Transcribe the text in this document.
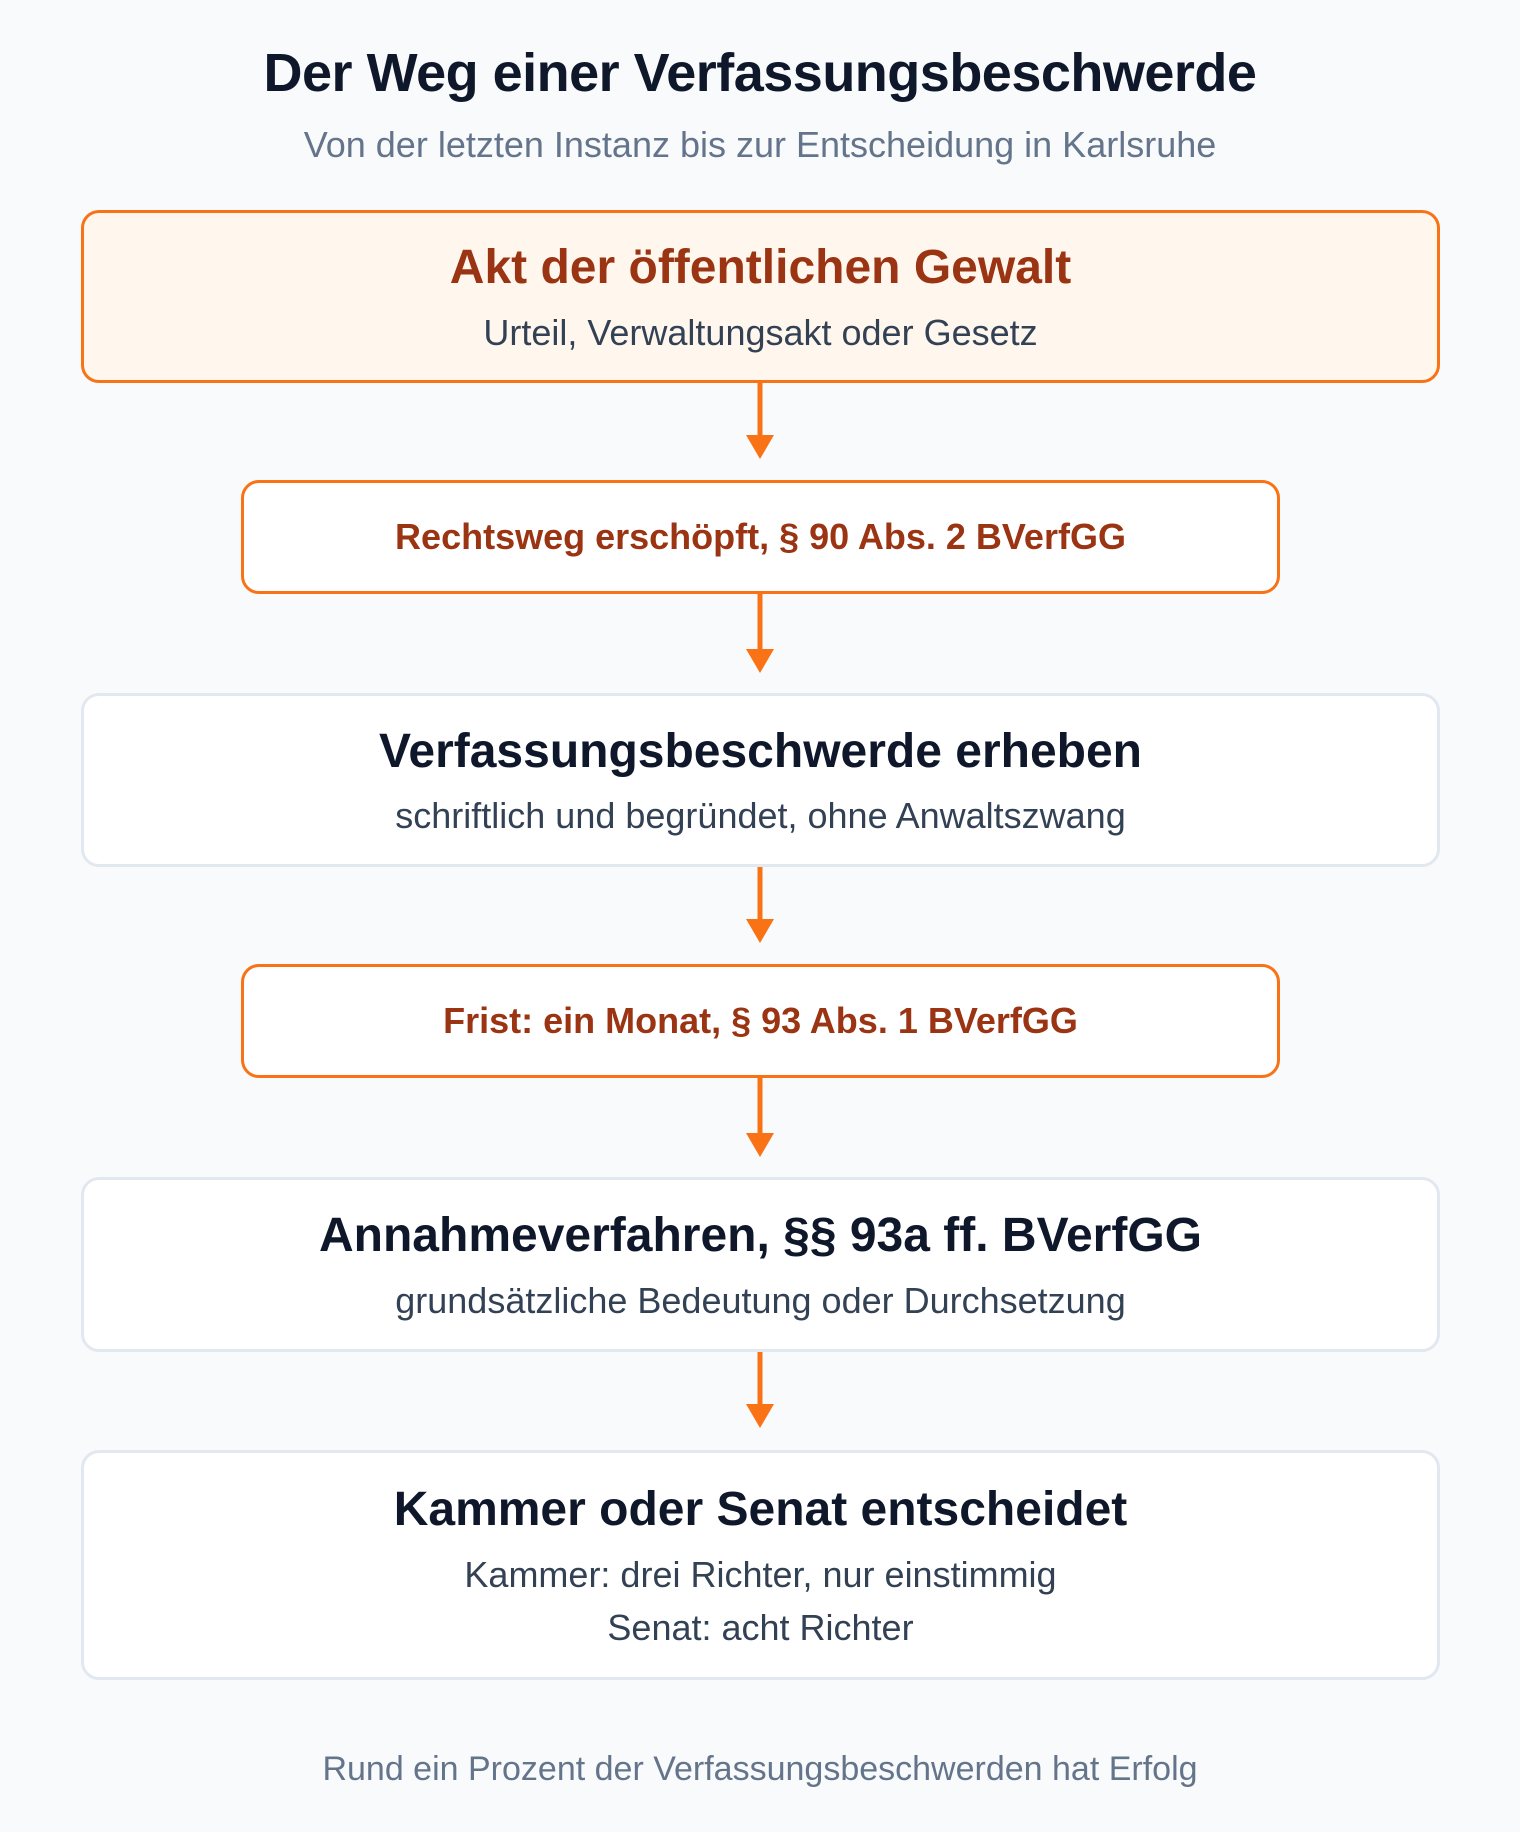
Der Weg einer Verfassungsbeschwerde
Von der letzten Instanz bis zur Entscheidung in Karlsruhe
Akt der öffentlichen Gewalt
Urteil, Verwaltungsakt oder Gesetz
Rechtsweg erschöpft, § 90 Abs. 2 BVerfGG
Verfassungsbeschwerde erheben
schriftlich und begründet, ohne Anwaltszwang
Frist: ein Monat, § 93 Abs. 1 BVerfGG
Annahmeverfahren, §§ 93a ff. BVerfGG
grundsätzliche Bedeutung oder Durchsetzung
Kammer oder Senat entscheidet
Kammer: drei Richter, nur einstimmig
Senat: acht Richter
Rund ein Prozent der Verfassungsbeschwerden hat Erfolg
